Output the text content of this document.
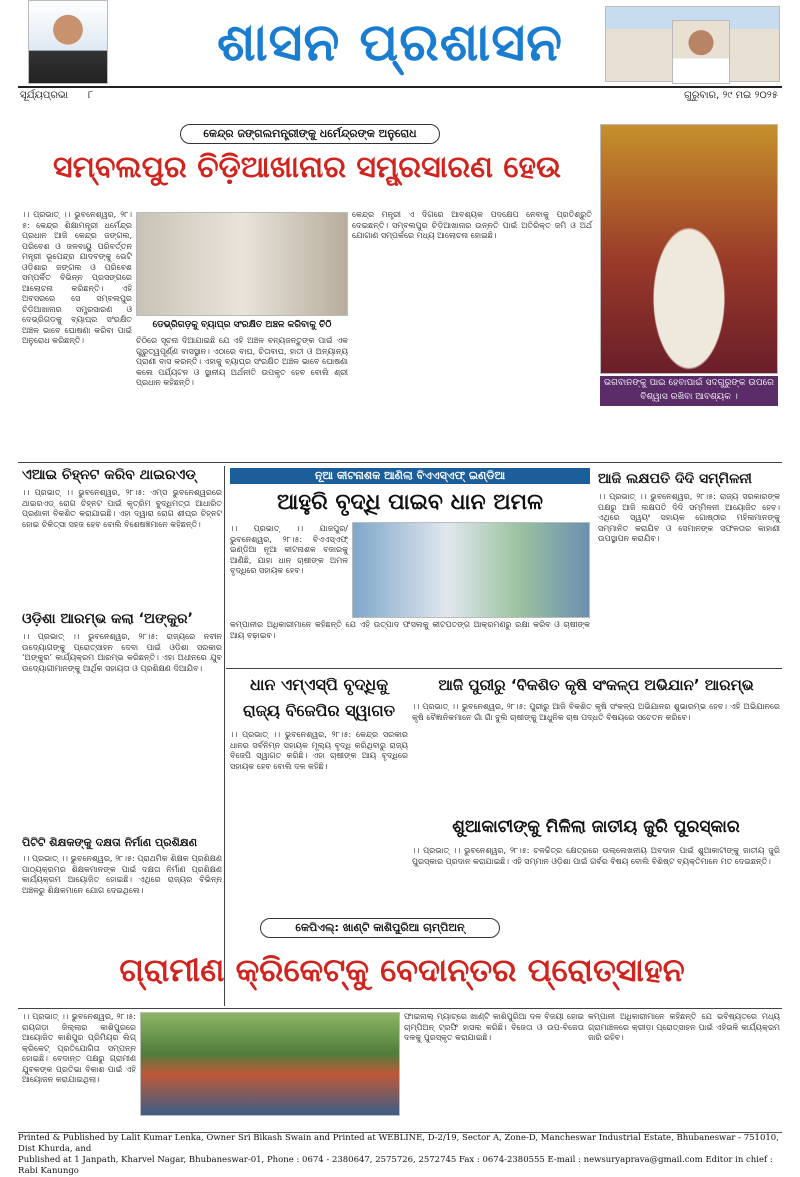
ଶାସନ ପ୍ରଶାସନ
ସୂର୍ଯ୍ୟପ୍ରଭା ୮	ଗୁରୁବାର, ୨୯ ମଇ ୨୦୨୫
କେନ୍ଦ୍ର ଜଙ୍ଗଲମନ୍ତ୍ରୀଙ୍କୁ ଧର୍ମେନ୍ଦ୍ରଙ୍କ ଅନୁରୋଧ
ସମ୍ବଲପୁର ଚିଡ଼ିଆଖାନାର ସମ୍ପ୍ରସାରଣ ହେଉ
।। ପ୍ରଭାତ୍ ।। ଭୁବନେଶ୍ୱର, ୨୮।୫: କେନ୍ଦ୍ର ଶିକ୍ଷାମନ୍ତ୍ରୀ ଧର୍ମେନ୍ଦ୍ର ପ୍ରଧାନ ଆଜି କେନ୍ଦ୍ର ଜଙ୍ଗଲ, ପରିବେଶ ଓ ଜଳବାୟୁ ପରିବର୍ତ୍ତନ ମନ୍ତ୍ରୀ ଭୂପେନ୍ଦ୍ର ଯାଦବଙ୍କୁ ଭେଟି ଓଡ଼ିଶାର ଜଙ୍ଗଲ ଓ ପରିବେଶ ସମ୍ପର୍କିତ ବିଭିନ୍ନ ପ୍ରସଙ୍ଗରେ ଆଲୋଚନା କରିଛନ୍ତି। ଏହି ଅବସରରେ ସେ ସମ୍ବଲପୁର ଚିଡ଼ିଆଖାନାର ସମ୍ପ୍ରସାରଣ ଓ ଦେଭ୍ରିଗଡ଼କୁ ବ୍ୟାଘ୍ର ସଂରକ୍ଷିତ ଅଞ୍ଚଳ ଭାବେ ଘୋଷଣା କରିବା ପାଇଁ ଅନୁରୋଧ କରିଛନ୍ତି।
ଡେଭ୍ରିଗଡ଼କୁ ବ୍ୟାଘ୍ର ସଂରକ୍ଷିତ ଅଞ୍ଚଳ କରିବାକୁ ଚିଠି
ଚିଠିରେ ସୂଚନା ଦିଆଯାଇଛି ଯେ ଏହି ଅଞ୍ଚଳ ବନ୍ୟଜନ୍ତୁଙ୍କ ପାଇଁ ଏକ ଗୁରୁତ୍ୱପୂର୍ଣ୍ଣ ବାସସ୍ଥାନ। ଏଠାରେ ବାଘ, ଚିତାବାଘ, ହାତୀ ଓ ଅନ୍ୟାନ୍ୟ ପ୍ରାଣୀ ବାସ କରନ୍ତି। ଏହାକୁ ବ୍ୟାଘ୍ର ସଂରକ୍ଷିତ ଅଞ୍ଚଳ ଭାବେ ଘୋଷଣା କଲେ ପର୍ଯ୍ୟଟନ ଓ ସ୍ଥାନୀୟ ଅର୍ଥନୀତି ଉପକୃତ ହେବ ବୋଲି ଶ୍ରୀ ପ୍ରଧାନ କହିଛନ୍ତି।
କେନ୍ଦ୍ର ମନ୍ତ୍ରୀ ଏ ଦିଗରେ ଆବଶ୍ୟକ ପଦକ୍ଷେପ ନେବାକୁ ପ୍ରତିଶ୍ରୁତି ଦେଇଛନ୍ତି। ସମ୍ବଲପୁର ଚିଡ଼ିଆଖାନାର ଉନ୍ନତି ପାଇଁ ଅତିରିକ୍ତ ଜମି ଓ ଅର୍ଥ ଯୋଗାଣ ସମ୍ପର୍କରେ ମଧ୍ୟ ଆଲୋଚନା ହୋଇଛି।
ଭଗବାନଙ୍କୁ ପାଇ ହେବାପାଇଁ ସଦଗୁରୁଙ୍କ ଉପରେ ବିଶ୍ୱାସ ରଖିବା ଆବଶ୍ୟକ ।
ଏଆଇ ଚିହ୍ନଟ କରିବ ଥାଇରଏଡ୍
।। ପ୍ରଭାତ୍ ।। ଭୁବନେଶ୍ୱର, ୨୮।୫: ଏମ୍ସ ଭୁବନେଶ୍ୱରରେ ଥାଇରଏଡ୍ ରୋଗ ଚିହ୍ନଟ ପାଇଁ କୃତ୍ରିମ ବୁଦ୍ଧିମତ୍ତା ଆଧାରିତ ପ୍ରଣାଳୀ ବିକଶିତ କରାଯାଇଛି। ଏହା ଦ୍ୱାରା ରୋଗ ଶୀଘ୍ର ଚିହ୍ନଟ ହୋଇ ଚିକିତ୍ସା ସହଜ ହେବ ବୋଲି ବିଶେଷଜ୍ଞମାନେ କହିଛନ୍ତି।
ଓଡ଼ିଶା ଆରମ୍ଭ କଲା ‘ଅଙ୍କୁର’
।। ପ୍ରଭାତ୍ ।। ଭୁବନେଶ୍ୱର, ୨୮।୫: ରାଜ୍ୟରେ ନବୀନ ଉଦ୍ୟୋଗଙ୍କୁ ପ୍ରୋତ୍ସାହନ ଦେବା ପାଇଁ ଓଡ଼ିଶା ସରକାର ‘ଅଙ୍କୁର’ କାର୍ଯ୍ୟକ୍ରମ ଆରମ୍ଭ କରିଛନ୍ତି। ଏହା ଅଧୀନରେ ଯୁବ ଉଦ୍ୟୋଗୀମାନଙ୍କୁ ଆର୍ଥିକ ସହାୟତା ଓ ପ୍ରଶିକ୍ଷଣ ଦିଆଯିବ।
ପିଟିଟି ଶିକ୍ଷକଙ୍କୁ ଦକ୍ଷତା ନିର୍ମାଣ ପ୍ରଶିକ୍ଷଣ
।। ପ୍ରଭାତ୍ ।। ଭୁବନେଶ୍ୱର, ୨୮।୫: ପ୍ରାଥମିକ ଶିକ୍ଷକ ପ୍ରଶିକ୍ଷଣ ପାଠ୍ୟକ୍ରମର ଶିକ୍ଷକମାନଙ୍କ ପାଇଁ ଦକ୍ଷତା ନିର୍ମାଣ ପ୍ରଶିକ୍ଷଣ କାର୍ଯ୍ୟକ୍ରମ ଆୟୋଜିତ ହୋଇଛି। ଏଥିରେ ରାଜ୍ୟର ବିଭିନ୍ନ ଅଞ୍ଚଳରୁ ଶିକ୍ଷକମାନେ ଯୋଗ ଦେଇଥିଲେ।
ନୂଆ କୀଟନାଶକ ଆଣିଲା ବିଏଏସ୍ଏଫ୍ ଇଣ୍ଡିଆ
ଆହୁରି ବୃଦ୍ଧି ପାଇବ ଧାନ ଅମଳ
।। ପ୍ରଭାତ୍ ।। ଯାଜପୁର/ଭୁବନେଶ୍ୱର, ୨୮।୫: ବିଏଏସ୍ଏଫ୍ ଇଣ୍ଡିଆ ନୂଆ କୀଟନାଶକ ବଜାରକୁ ଆଣିଛି, ଯାହା ଧାନ ଚାଷୀଙ୍କ ଅମଳ ବୃଦ୍ଧିରେ ସହାୟକ ହେବ।
କମ୍ପାନୀର ଅଧିକାରୀମାନେ କହିଛନ୍ତି ଯେ ଏହି ଉତ୍ପାଦ ଫସଲକୁ କୀଟପତଙ୍ଗ ଆକ୍ରମଣରୁ ରକ୍ଷା କରିବ ଓ ଚାଷୀଙ୍କ ଆୟ ବଢ଼ାଇବ।
ଆଜି ଲକ୍ଷପତି ଦିଦି ସମ୍ମିଳନୀ
।। ପ୍ରଭାତ୍ ।। ଭୁବନେଶ୍ୱର, ୨୮।୫: ରାଜ୍ୟ ସରକାରଙ୍କ ପକ୍ଷରୁ ଆଜି ଲକ୍ଷପତି ଦିଦି ସମ୍ମିଳନୀ ଆୟୋଜିତ ହେବ। ଏଥିରେ ସ୍ୱୟଂ ସହାୟକ ଗୋଷ୍ଠୀର ମହିଳାମାନଙ୍କୁ ସମ୍ମାନିତ କରାଯିବ ଓ ସେମାନଙ୍କ ସଫଳତାର କାହାଣୀ ଉପସ୍ଥାପନ କରାଯିବ।
ଧାନ ଏମ୍ଏସ୍ପି ବୃଦ୍ଧିକୁ ରାଜ୍ୟ ବିଜେପିର ସ୍ୱାଗତ
।। ପ୍ରଭାତ୍ ।। ଭୁବନେଶ୍ୱର, ୨୮।୫: କେନ୍ଦ୍ର ସରକାର ଧାନର ସର୍ବନିମ୍ନ ସହାୟକ ମୂଲ୍ୟ ବୃଦ୍ଧି କରିଥିବାରୁ ରାଜ୍ୟ ବିଜେପି ସ୍ୱାଗତ କରିଛି। ଏହା ଚାଷୀଙ୍କ ଆୟ ବୃଦ୍ଧିରେ ସହାୟକ ହେବ ବୋଲି ଦଳ କହିଛି।
ଆଜି ପୁରୀରୁ ‘ବିକଶିତ କୃଷି ସଂକଳ୍ପ ଅଭିଯାନ’ ଆରମ୍ଭ
।। ପ୍ରଭାତ୍ ।। ଭୁବନେଶ୍ୱର, ୨୮।୫: ପୁରୀରୁ ଆଜି ବିକଶିତ କୃଷି ସଂକଳ୍ପ ଅଭିଯାନର ଶୁଭାରମ୍ଭ ହେବ। ଏହି ଅଭିଯାନରେ କୃଷି ବୈଜ୍ଞାନିକମାନେ ଗାଁ ଗାଁ ବୁଲି ଚାଷୀଙ୍କୁ ଆଧୁନିକ ଚାଷ ପଦ୍ଧତି ବିଷୟରେ ସଚେତନ କରିବେ।
ଶୁଆକାଟୀଙ୍କୁ ମିଳିଲା ଜାତୀୟ ଜୁରି ପୁରସ୍କାର
।। ପ୍ରଭାତ୍ ।। ଭୁବନେଶ୍ୱର, ୨୮।୫: ଚଳଚ୍ଚିତ୍ର କ୍ଷେତ୍ରରେ ଉଲ୍ଲେଖନୀୟ ଅବଦାନ ପାଇଁ ଶୁଆକାଟୀଙ୍କୁ ଜାତୀୟ ଜୁରି ପୁରସ୍କାର ପ୍ରଦାନ କରାଯାଇଛି। ଏହି ସମ୍ମାନ ଓଡ଼ିଶା ପାଇଁ ଗର୍ବର ବିଷୟ ବୋଲି ବିଶିଷ୍ଟ ବ୍ୟକ୍ତିମାନେ ମତ ଦେଇଛନ୍ତି।
କେପିଏଲ୍: ଖାଣ୍ଟି କାଶିପୁରିଆ ଚାମ୍ପିଅନ୍
ଗ୍ରାମୀଣ କ୍ରିକେଟ୍‌କୁ ବେଦାନ୍ତର ପ୍ରୋତ୍ସାହନ
।। ପ୍ରଭାତ୍ ।। ଭୁବନେଶ୍ୱର, ୨୮।୫: ରାୟଗଡ଼ା ଜିଲ୍ଲାର କାଶିପୁରରେ ଆୟୋଜିତ କାଶିପୁର ପ୍ରିମିୟର ଲିଗ୍ କ୍ରିକେଟ୍ ପ୍ରତିଯୋଗିତା ସମ୍ପନ୍ନ ହୋଇଛି। ବେଦାନ୍ତ ପକ୍ଷରୁ ଗ୍ରାମୀଣ ଯୁବକଙ୍କ ପ୍ରତିଭା ବିକାଶ ପାଇଁ ଏହି ଆୟୋଜନ କରାଯାଇଥିଲା।
ଫାଇନାଲ୍ ମ୍ୟାଚ୍‌ରେ ଖାଣ୍ଟି କାଶିପୁରିଆ ଦଳ ବିଜୟୀ ହୋଇ ଚାମ୍ପିଅନ୍ ଟ୍ରଫି ହାସଲ କରିଛି। ବିଜେତା ଓ ଉପ-ବିଜେତା ଦଳକୁ ପୁରସ୍କୃତ କରାଯାଇଛି।
କମ୍ପାନୀ ଅଧିକାରୀମାନେ କହିଛନ୍ତି ଯେ ଭବିଷ୍ୟତରେ ମଧ୍ୟ ଗ୍ରାମାଞ୍ଚଳରେ କ୍ରୀଡ଼ା ପ୍ରୋତ୍ସାହନ ପାଇଁ ଏହିଭଳି କାର୍ଯ୍ୟକ୍ରମ ଜାରି ରହିବ।
Printed & Published by Lalit Kumar Lenka, Owner Sri Bikash Swain and Printed at WEBLINE, D-2/19, Sector A, Zone-D, Mancheswar Industrial Estate, Bhubaneswar - 751010, Dist Khurda, and
Published at 1 Janpath, Kharvel Nagar, Bhubaneswar-01, Phone : 0674 - 2380647, 2575726, 2572745 Fax : 0674-2380555 E-mail : newsuryaprava@gmail.com Editor in chief : Rabi Kanungo
